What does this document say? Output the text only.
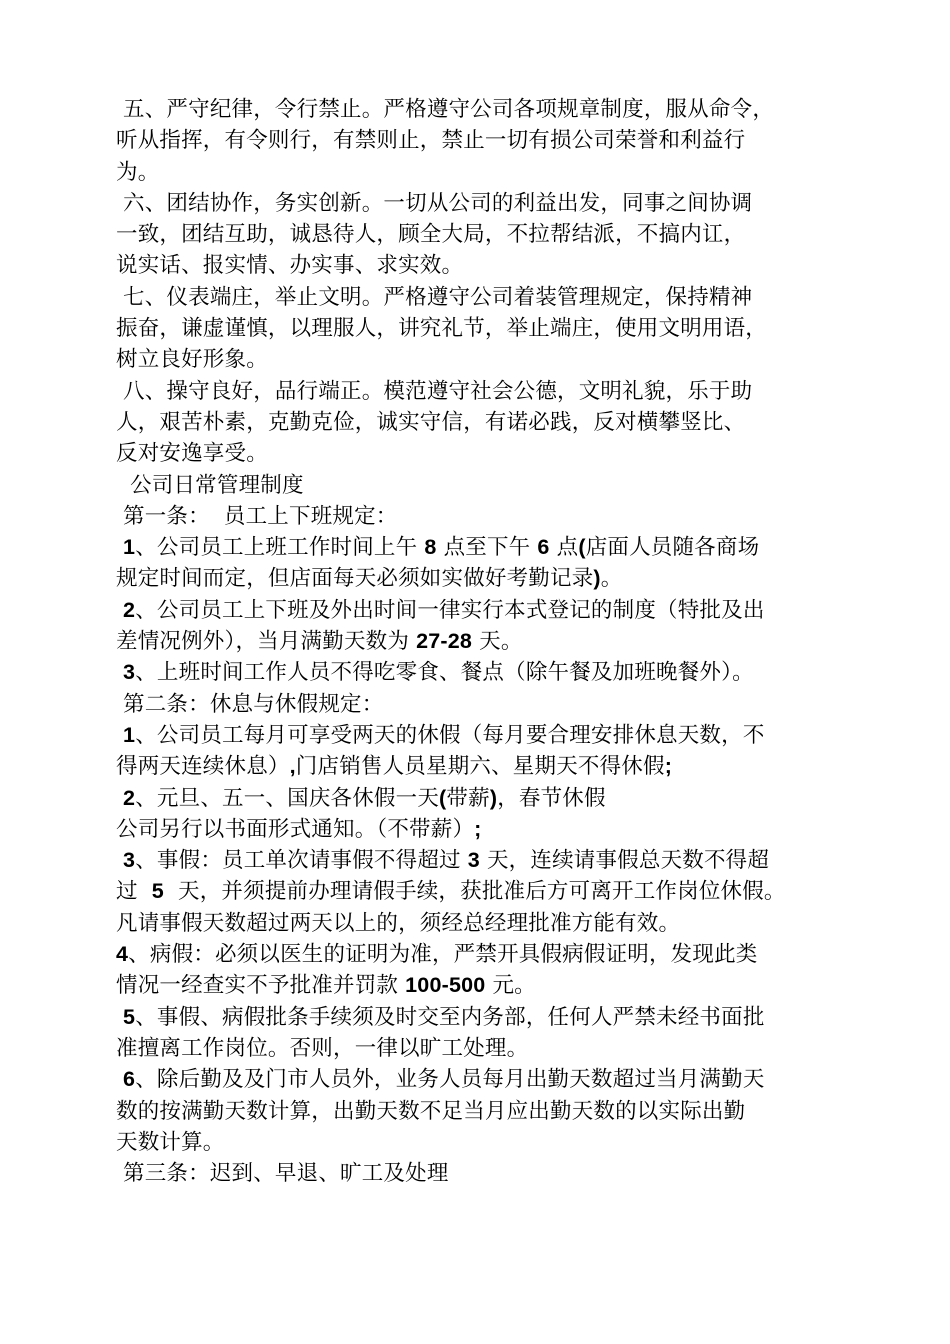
五、严守纪律，令行禁止。严格遵守公司各项规章制度，服从命令，
听从指挥，有令则行，有禁则止，禁止一切有损公司荣誉和利益行
为。
六、团结协作，务实创新。一切从公司的利益出发，同事之间协调
一致，团结互助，诚恳待人，顾全大局，不拉帮结派，不搞内讧，
说实话、报实情、办实事、求实效。
七、仪表端庄，举止文明。严格遵守公司着装管理规定，保持精神
振奋，谦虚谨慎，以理服人，讲究礼节，举止端庄，使用文明用语，
树立良好形象。
八、操守良好，品行端正。模范遵守社会公德，文明礼貌，乐于助
人，艰苦朴素，克勤克俭，诚实守信，有诺必践，反对横攀竖比、
反对安逸享受。
公司日常管理制度
第一条：  员工上下班规定：
1、公司员工上班工作时间上午 8 点至下午 6 点(店面人员随各商场
规定时间而定，但店面每天必须如实做好考勤记录)。
2、公司员工上下班及外出时间一律实行本式登记的制度（特批及出
差情况例外），当月满勤天数为 27-28 天。
3、上班时间工作人员不得吃零食、餐点（除午餐及加班晚餐外）。
第二条：休息与休假规定：
1、公司员工每月可享受两天的休假（每月要合理安排休息天数，不
得两天连续休息）,门店销售人员星期六、星期天不得休假;
2、元旦、五一、国庆各休假一天(带薪)，春节休假
公司另行以书面形式通知。（不带薪）;
3、事假：员工单次请事假不得超过 3 天，连续请事假总天数不得超
过  5  天，并须提前办理请假手续，获批准后方可离开工作岗位休假。
凡请事假天数超过两天以上的，须经总经理批准方能有效。
4、病假：必须以医生的证明为准，严禁开具假病假证明，发现此类
情况一经查实不予批准并罚款 100-500 元。
5、事假、病假批条手续须及时交至内务部，任何人严禁未经书面批
准擅离工作岗位。否则，一律以旷工处理。
6、除后勤及及门市人员外，业务人员每月出勤天数超过当月满勤天
数的按满勤天数计算，出勤天数不足当月应出勤天数的以实际出勤
天数计算。
第三条：迟到、早退、旷工及处理
